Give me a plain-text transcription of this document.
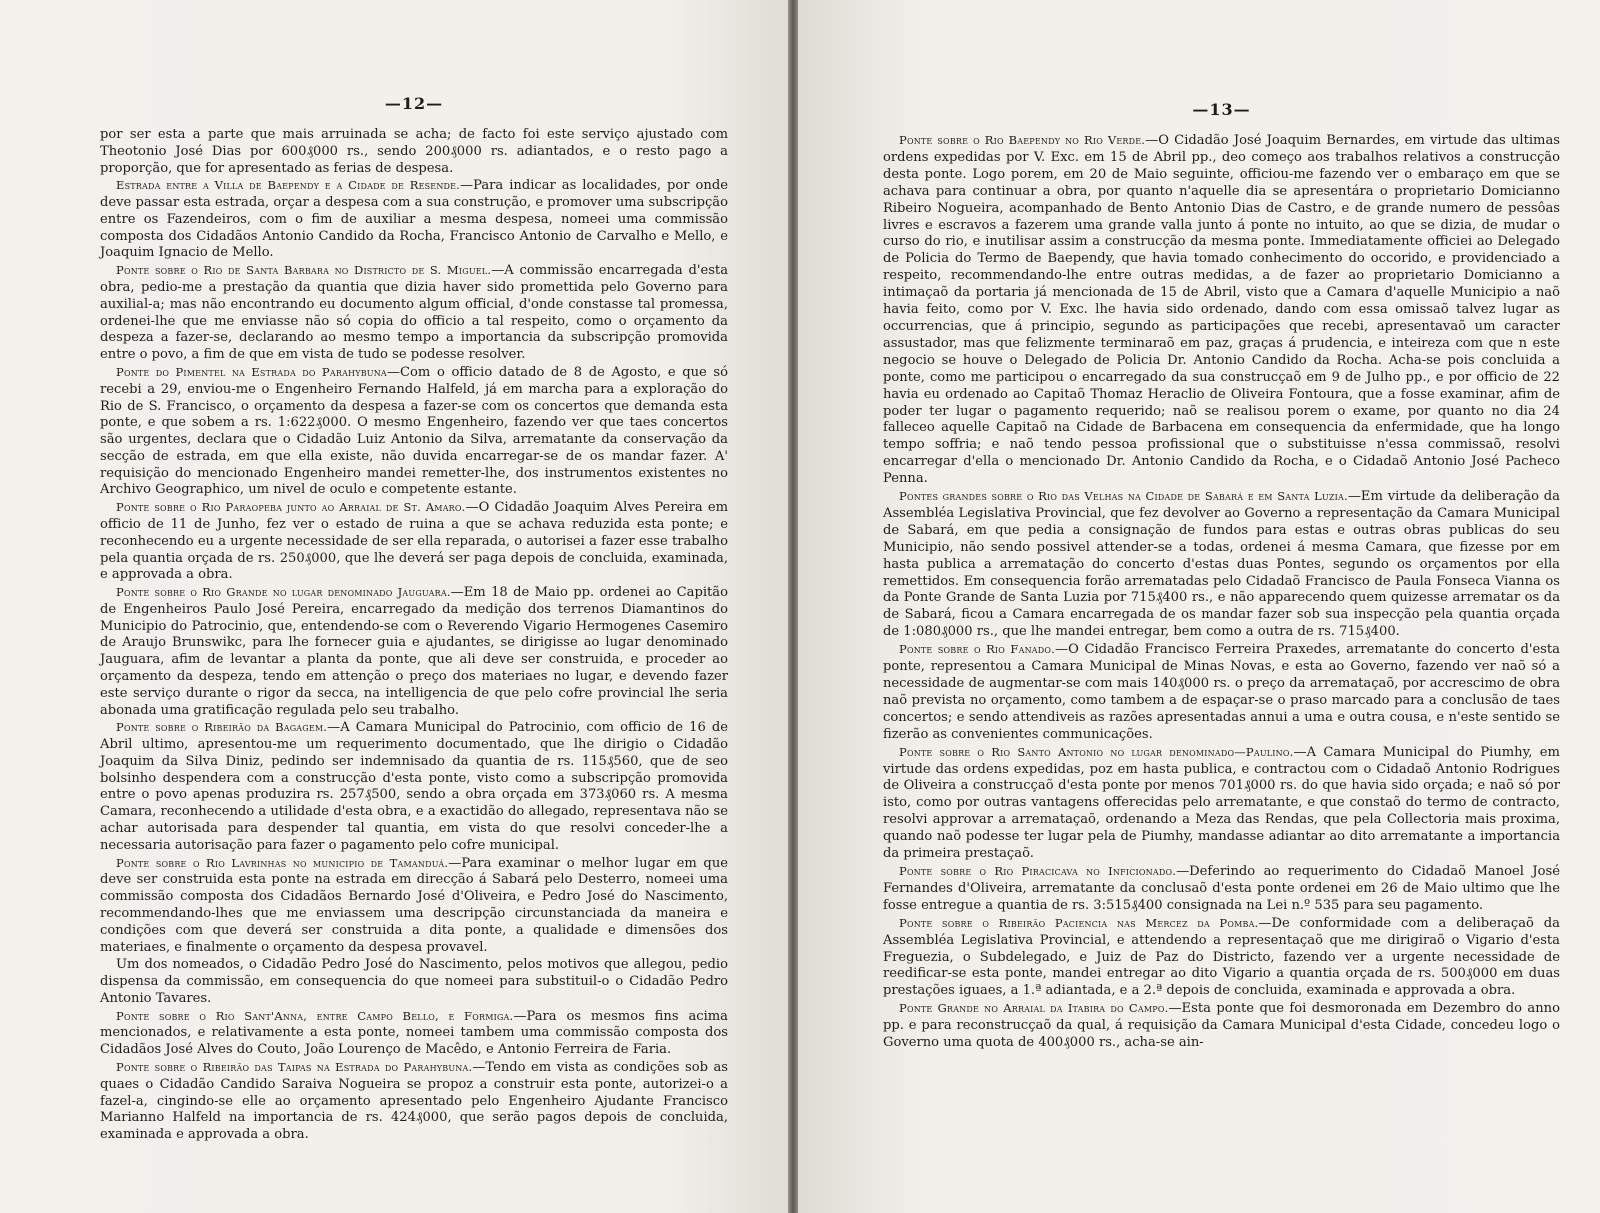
—12—

por ser esta a parte que mais arruinada se acha; de facto foi este serviço ajustado com Theotonio José Dias por 600₰000 rs., sendo 200₰000 rs. adiantados, e o resto pago a proporção, que for apresentado as ferias de despesa.

Estrada entre a Villa de Baependy e a Cidade de Resende.—Para indicar as localidades, por onde deve passar esta estrada, orçar a despesa com a sua construção, e promover uma subscripção entre os Fazendeiros, com o fim de auxiliar a mesma despesa, nomeei uma commissão composta dos Cidadãos Antonio Candido da Rocha, Francisco Antonio de Carvalho e Mello, e Joaquim Ignacio de Mello.

Ponte sobre o Rio de Santa Barbara no Districto de S. Miguel.—A commissão encarregada d'esta obra, pedio-me a prestação da quantia que dizia haver sido promettida pelo Governo para auxilial-a; mas não encontrando eu documento algum official, d'onde constasse tal promessa, ordenei-lhe que me enviasse não só copia do officio a tal respeito, como o orçamento da despeza a fazer-se, declarando ao mesmo tempo a importancia da subscripção promovida entre o povo, a fim de que em vista de tudo se podesse resolver.

Ponte do Pimentel na Estrada do Parahybuna—Com o officio datado de 8 de Agosto, e que só recebi a 29, enviou-me o Engenheiro Fernando Halfeld, já em marcha para a exploração do Rio de S. Francisco, o orçamento da despesa a fazer-se com os concertos que demanda esta ponte, e que sobem a rs. 1:622₰000. O mesmo Engenheiro, fazendo ver que taes concertos são urgentes, declara que o Cidadão Luiz Antonio da Silva, arrematante da conservação da secção de estrada, em que ella existe, não duvida encarregar-se de os mandar fazer. A' requisição do mencionado Engenheiro mandei remetter-lhe, dos instrumentos existentes no Archivo Geographico, um nivel de oculo e competente estante.

Ponte sobre o Rio Paraopeba junto ao Arraial de St. Amaro.—O Cidadão Joaquim Alves Pereira em officio de 11 de Junho, fez ver o estado de ruina a que se achava reduzida esta ponte; e reconhecendo eu a urgente necessidade de ser ella reparada, o autorisei a fazer esse trabalho pela quantia orçada de rs. 250₰000, que lhe deverá ser paga depois de concluida, examinada, e approvada a obra.

Ponte sobre o Rio Grande no lugar denominado Jauguara.—Em 18 de Maio pp. ordenei ao Capitão de Engenheiros Paulo José Pereira, encarregado da medição dos terrenos Diamantinos do Municipio do Patrocinio, que, entendendo-se com o Reverendo Vigario Hermogenes Casemiro de Araujo Brunswikc, para lhe fornecer guia e ajudantes, se dirigisse ao lugar denominado Jauguara, afim de levantar a planta da ponte, que ali deve ser construida, e proceder ao orçamento da despeza, tendo em attenção o preço dos materiaes no lugar, e devendo fazer este serviço durante o rigor da secca, na intelligencia de que pelo cofre provincial lhe seria abonada uma gratificação regulada pelo seu trabalho.

Ponte sobre o Ribeirão da Bagagem.—A Camara Municipal do Patrocinio, com officio de 16 de Abril ultimo, apresentou-me um requerimento documentado, que lhe dirigio o Cidadão Joaquim da Silva Diniz, pedindo ser indemnisado da quantia de rs. 115₰560, que de seo bolsinho despendera com a construcção d'esta ponte, visto como a subscripção promovida entre o povo apenas produzira rs. 257₰500, sendo a obra orçada em 373₰060 rs. A mesma Camara, reconhecendo a utilidade d'esta obra, e a exactidão do allegado, representava não se achar autorisada para despender tal quantia, em vista do que resolvi conceder-lhe a necessaria autorisação para fazer o pagamento pelo cofre municipal.

Ponte sobre o Rio Lavrinhas no municipio de Tamanduá.—Para examinar o melhor lugar em que deve ser construida esta ponte na estrada em direcção á Sabará pelo Desterro, nomeei uma commissão composta dos Cidadãos Bernardo José d'Oliveira, e Pedro José do Nascimento, recommendando-lhes que me enviassem uma descripção circunstanciada da maneira e condições com que deverá ser construida a dita ponte, a qualidade e dimensões dos materiaes, e finalmente o orçamento da despesa provavel.

Um dos nomeados, o Cidadão Pedro José do Nascimento, pelos motivos que allegou, pedio dispensa da commissão, em consequencia do que nomeei para substituil-o o Cidadão Pedro Antonio Tavares.

Ponte sobre o Rio Sant'Anna, entre Campo Bello, e Formiga.—Para os mesmos fins acima mencionados, e relativamente a esta ponte, nomeei tambem uma commissão composta dos Cidadãos José Alves do Couto, João Lourenço de Macêdo, e Antonio Ferreira de Faria.

Ponte sobre o Ribeirão das Taipas na Estrada do Parahybuna.—Tendo em vista as condições sob as quaes o Cidadão Candido Saraiva Nogueira se propoz a construir esta ponte, autorizei-o a fazel-a, cingindo-se elle ao orçamento apresentado pelo Engenheiro Ajudante Francisco Marianno Halfeld na importancia de rs. 424₰000, que serão pagos depois de concluida, examinada e approvada a obra.

—13—

Ponte sobre o Rio Baependy no Rio Verde.—O Cidadão José Joaquim Bernardes, em virtude das ultimas ordens expedidas por V. Exc. em 15 de Abril pp., deo começo aos trabalhos relativos a construcção desta ponte. Logo porem, em 20 de Maio seguinte, officiou-me fazendo ver o embaraço em que se achava para continuar a obra, por quanto n'aquelle dia se apresentára o proprietario Domicianno Ribeiro Nogueira, acompanhado de Bento Antonio Dias de Castro, e de grande numero de pessôas livres e escravos a fazerem uma grande valla junto á ponte no intuito, ao que se dizia, de mudar o curso do rio, e inutilisar assim a construcção da mesma ponte. Immediatamente officiei ao Delegado de Policia do Termo de Baependy, que havia tomado conhecimento do occorido, e providenciado a respeito, recommendando-lhe entre outras medidas, a de fazer ao proprietario Domicianno a intimaçaõ da portaria já mencionada de 15 de Abril, visto que a Camara d'aquelle Municipio a naõ havia feito, como por V. Exc. lhe havia sido ordenado, dando com essa omissaõ talvez lugar as occurrencias, que á principio, segundo as participações que recebi, apresentavaõ um caracter assustador, mas que felizmente terminaraõ em paz, graças á prudencia, e inteireza com que n este negocio se houve o Delegado de Policia Dr. Antonio Candido da Rocha. Acha-se pois concluida a ponte, como me participou o encarregado da sua construcçaõ em 9 de Julho pp., e por officio de 22 havia eu ordenado ao Capitaõ Thomaz Heraclio de Oliveira Fontoura, que a fosse examinar, afim de poder ter lugar o pagamento requerido; naõ se realisou porem o exame, por quanto no dia 24 falleceo aquelle Capitaõ na Cidade de Barbacena em consequencia da enfermidade, que ha longo tempo soffria; e naõ tendo pessoa profissional que o substituisse n'essa commissaõ, resolvi encarregar d'ella o mencionado Dr. Antonio Candido da Rocha, e o Cidadaõ Antonio José Pacheco Penna.

Pontes grandes sobre o Rio das Velhas na Cidade de Sabará e em Santa Luzia.—Em virtude da deliberação da Assembléa Legislativa Provincial, que fez devolver ao Governo a representação da Camara Municipal de Sabará, em que pedia a consignação de fundos para estas e outras obras publicas do seu Municipio, não sendo possivel attender-se a todas, ordenei á mesma Camara, que fizesse por em hasta publica a arrematação do concerto d'estas duas Pontes, segundo os orçamentos por ella remettidos. Em consequencia forão arrematadas pelo Cidadaõ Francisco de Paula Fonseca Vianna os da Ponte Grande de Santa Luzia por 715₰400 rs., e não apparecendo quem quizesse arrematar os da de Sabará, ficou a Camara encarregada de os mandar fazer sob sua inspecção pela quantia orçada de 1:080₰000 rs., que lhe mandei entregar, bem como a outra de rs. 715₰400.

Ponte sobre o Rio Fanado.—O Cidadão Francisco Ferreira Praxedes, arrematante do concerto d'esta ponte, representou a Camara Municipal de Minas Novas, e esta ao Governo, fazendo ver naõ só a necessidade de augmentar-se com mais 140₰000 rs. o preço da arremataçaõ, por accrescimo de obra naõ prevista no orçamento, como tambem a de espaçar-se o praso marcado para a conclusão de taes concertos; e sendo attendiveis as razões apresentadas annui a uma e outra cousa, e n'este sentido se fizerão as convenientes communicações.

Ponte sobre o Rio Santo Antonio no lugar denominado—Paulino.—A Camara Municipal do Piumhy, em virtude das ordens expedidas, poz em hasta publica, e contractou com o Cidadaõ Antonio Rodrigues de Oliveira a construcçaõ d'esta ponte por menos 701₰000 rs. do que havia sido orçada; e naõ só por isto, como por outras vantagens offerecidas pelo arrematante, e que constaõ do termo de contracto, resolvi approvar a arremataçaõ, ordenando a Meza das Rendas, que pela Collectoria mais proxima, quando naõ podesse ter lugar pela de Piumhy, mandasse adiantar ao dito arrematante a importancia da primeira prestaçaõ.

Ponte sobre o Rio Piracicava no Inficionado.—Deferindo ao requerimento do Cidadaõ Manoel José Fernandes d'Oliveira, arrematante da conclusaõ d'esta ponte ordenei em 26 de Maio ultimo que lhe fosse entregue a quantia de rs. 3:515₰400 consignada na Lei n.º 535 para seu pagamento.

Ponte sobre o Ribeirão Paciencia nas Mercez da Pomba.—De conformidade com a deliberaçaõ da Assembléa Legislativa Provincial, e attendendo a representaçaõ que me dirigiraõ o Vigario d'esta Freguezia, o Subdelegado, e Juiz de Paz do Districto, fazendo ver a urgente necessidade de reedificar-se esta ponte, mandei entregar ao dito Vigario a quantia orçada de rs. 500₰000 em duas prestações iguaes, a 1.ª adiantada, e a 2.ª depois de concluida, examinada e approvada a obra.

Ponte Grande no Arraial da Itabira do Campo.—Esta ponte que foi desmoronada em Dezembro do anno pp. e para reconstrucçaõ da qual, á requisição da Camara Municipal d'esta Cidade, concedeu logo o Governo uma quota de 400₰000 rs., acha-se ain-
